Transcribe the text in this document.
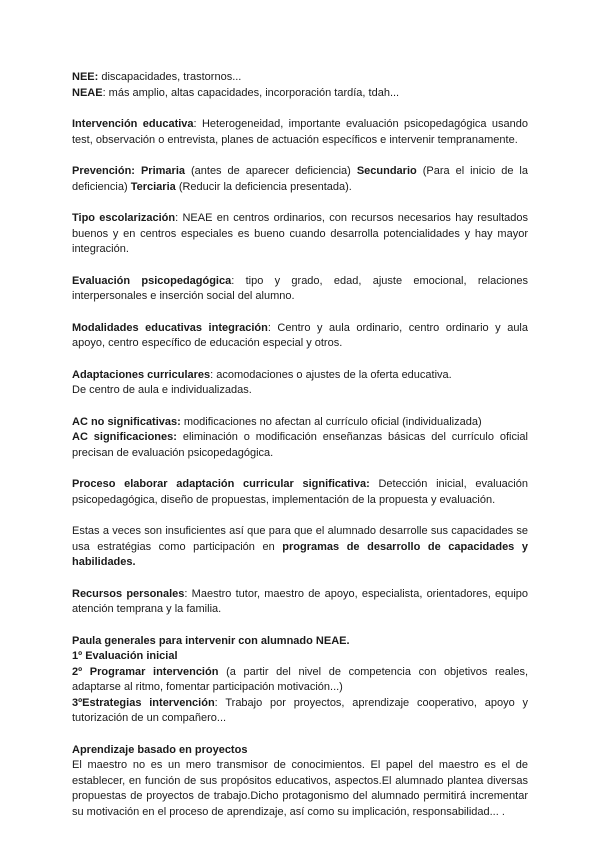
NEE: discapacidades, trastornos...
NEAE: más amplio, altas capacidades, incorporación tardía, tdah...

Intervención educativa: Heterogeneidad, importante evaluación psicopedagógica usando test, observación o entrevista, planes de actuación específicos e intervenir tempranamente.

Prevención: Primaria (antes de aparecer deficiencia) Secundario (Para el inicio de la deficiencia) Terciaria (Reducir la deficiencia presentada).

Tipo escolarización: NEAE en centros ordinarios, con recursos necesarios hay resultados buenos y en centros especiales es bueno cuando desarrolla potencialidades y hay mayor integración.

Evaluación psicopedagógica: tipo y grado, edad, ajuste emocional, relaciones interpersonales e inserción social del alumno.

Modalidades educativas integración: Centro y aula ordinario, centro ordinario y aula apoyo, centro específico de educación especial y otros.

Adaptaciones curriculares: acomodaciones o ajustes de la oferta educativa.
De centro de aula e individualizadas.

AC no significativas: modificaciones no afectan al currículo oficial (individualizada)
AC significaciones: eliminación o modificación enseñanzas básicas del currículo oficial precisan de evaluación psicopedagógica.

Proceso elaborar adaptación curricular significativa: Detección inicial, evaluación psicopedagógica, diseño de propuestas, implementación de la propuesta y evaluación.

Estas a veces son insuficientes así que para que el alumnado desarrolle sus capacidades se usa estratégias como participación en programas de desarrollo de capacidades y habilidades.

Recursos personales: Maestro tutor, maestro de apoyo, especialista, orientadores, equipo atención temprana y la familia.

Paula generales para intervenir con alumnado NEAE.
1º Evaluación inicial
2º Programar intervención (a partir del nivel de competencia con objetivos reales, adaptarse al ritmo, fomentar participación motivación...)
3ºEstrategias intervención: Trabajo por proyectos, aprendizaje cooperativo, apoyo y tutorización de un compañero...

Aprendizaje basado en proyectos
El maestro no es un mero transmisor de conocimientos. El papel del maestro es el de establecer, en función de sus propósitos educativos, aspectos.El alumnado plantea diversas propuestas de proyectos de trabajo.Dicho protagonismo del alumnado permitirá incrementar su motivación en el proceso de aprendizaje, así como su implicación, responsabilidad... .
